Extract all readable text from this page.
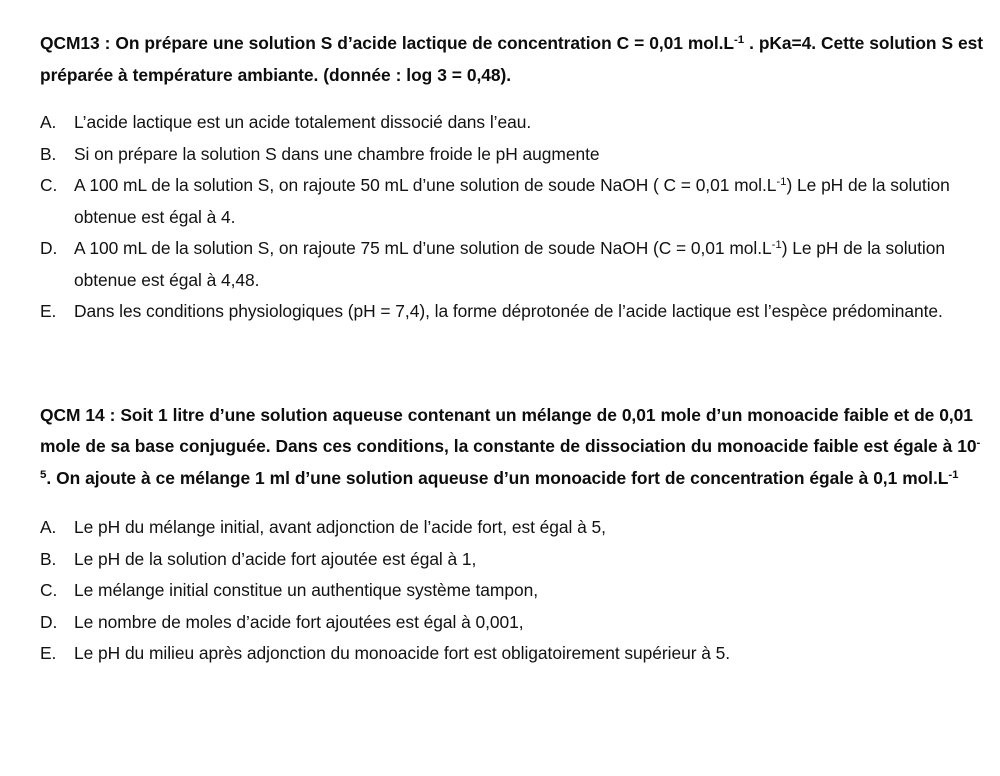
QCM13 : On prépare une solution S d’acide lactique de concentration C = 0,01 $mol.L^{-1}$ . pKa=4. Cette solution S est préparée à température ambiante. (donnée : log 3 = 0,48).

A.	L’acide lactique est un acide totalement dissocié dans l’eau.
B.	Si on prépare la solution S dans une chambre froide le pH augmente
C. A 100 mL de la solution S, on rajoute 50 mL d’une solution de soude NaOH ( C = 0,01 $mol.L^{-1}$) Le pH de la solution obtenue est égal à 4.
D. A 100 mL de la solution S, on rajoute 75 mL d’une solution de soude NaOH (C = 0,01 $mol.L^{-1}$) Le pH de la solution obtenue est égal à 4,48.
E.	Dans les conditions physiologiques (pH = 7,4), la forme déprotonée de l’acide lactique est l’espèce prédominante.

QCM 14 : Soit 1 litre d’une solution aqueuse contenant un mélange de 0,01 mole d’un monoacide faible et de 0,01 mole de sa base conjuguée. Dans ces conditions, la constante de dissociation du monoacide faible est égale à $10^{-5}$. On ajoute à ce mélange 1 ml d’une solution aqueuse d’un monoacide fort de concentration égale à 0,1 $mol.L^{-1}$

A.	Le pH du mélange initial, avant adjonction de l’acide fort, est égal à 5,
B.	Le pH de la solution d’acide fort ajoutée est égal à 1,
C. Le mélange initial constitue un authentique système tampon,
D. Le nombre de moles d’acide fort ajoutées est égal à 0,001,
E.	Le pH du milieu après adjonction du monoacide fort est obligatoirement supérieur à 5.
